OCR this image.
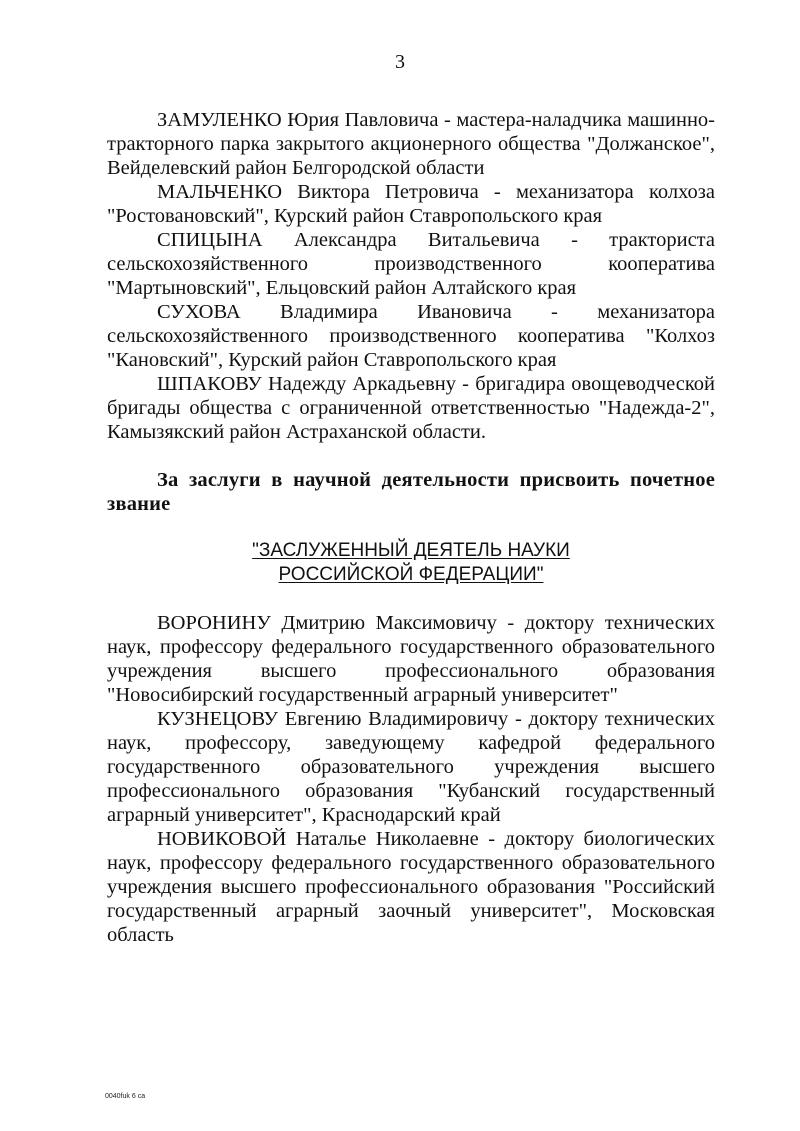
3

ЗАМУЛЕНКО Юрия Павловича - мастера-наладчика машинно-тракторного парка закрытого акционерного общества "Должанское", Вейделевский район Белгородской области

МАЛЬЧЕНКО Виктора Петровича - механизатора колхоза "Ростовановский", Курский район Ставропольского края

СПИЦЫНА Александра Витальевича - тракториста сельскохозяйственного производственного кооператива "Мартыновский", Ельцовский район Алтайского края

СУХОВА Владимира Ивановича - механизатора сельскохозяйственного производственного кооператива "Колхоз "Кановский", Курский район Ставропольского края

ШПАКОВУ Надежду Аркадьевну - бригадира овощеводческой бригады общества с ограниченной ответственностью "Надежда-2", Камызякский район Астраханской области.

За заслуги в научной деятельности присвоить почетное звание

"ЗАСЛУЖЕННЫЙ ДЕЯТЕЛЬ НАУКИ
РОССИЙСКОЙ ФЕДЕРАЦИИ"

ВОРОНИНУ Дмитрию Максимовичу - доктору технических наук, профессору федерального государственного образовательного учреждения высшего профессионального образования "Новосибирский государственный аграрный университет"

КУЗНЕЦОВУ Евгению Владимировичу - доктору технических наук, профессору, заведующему кафедрой федерального государственного образовательного учреждения высшего профессионального образования "Кубанский государственный аграрный университет", Краснодарский край

НОВИКОВОЙ Наталье Николаевне - доктору биологических наук, профессору федерального государственного образовательного учреждения высшего профессионального образования "Российский государственный аграрный заочный университет", Московская область

0040fuk 6 ca
